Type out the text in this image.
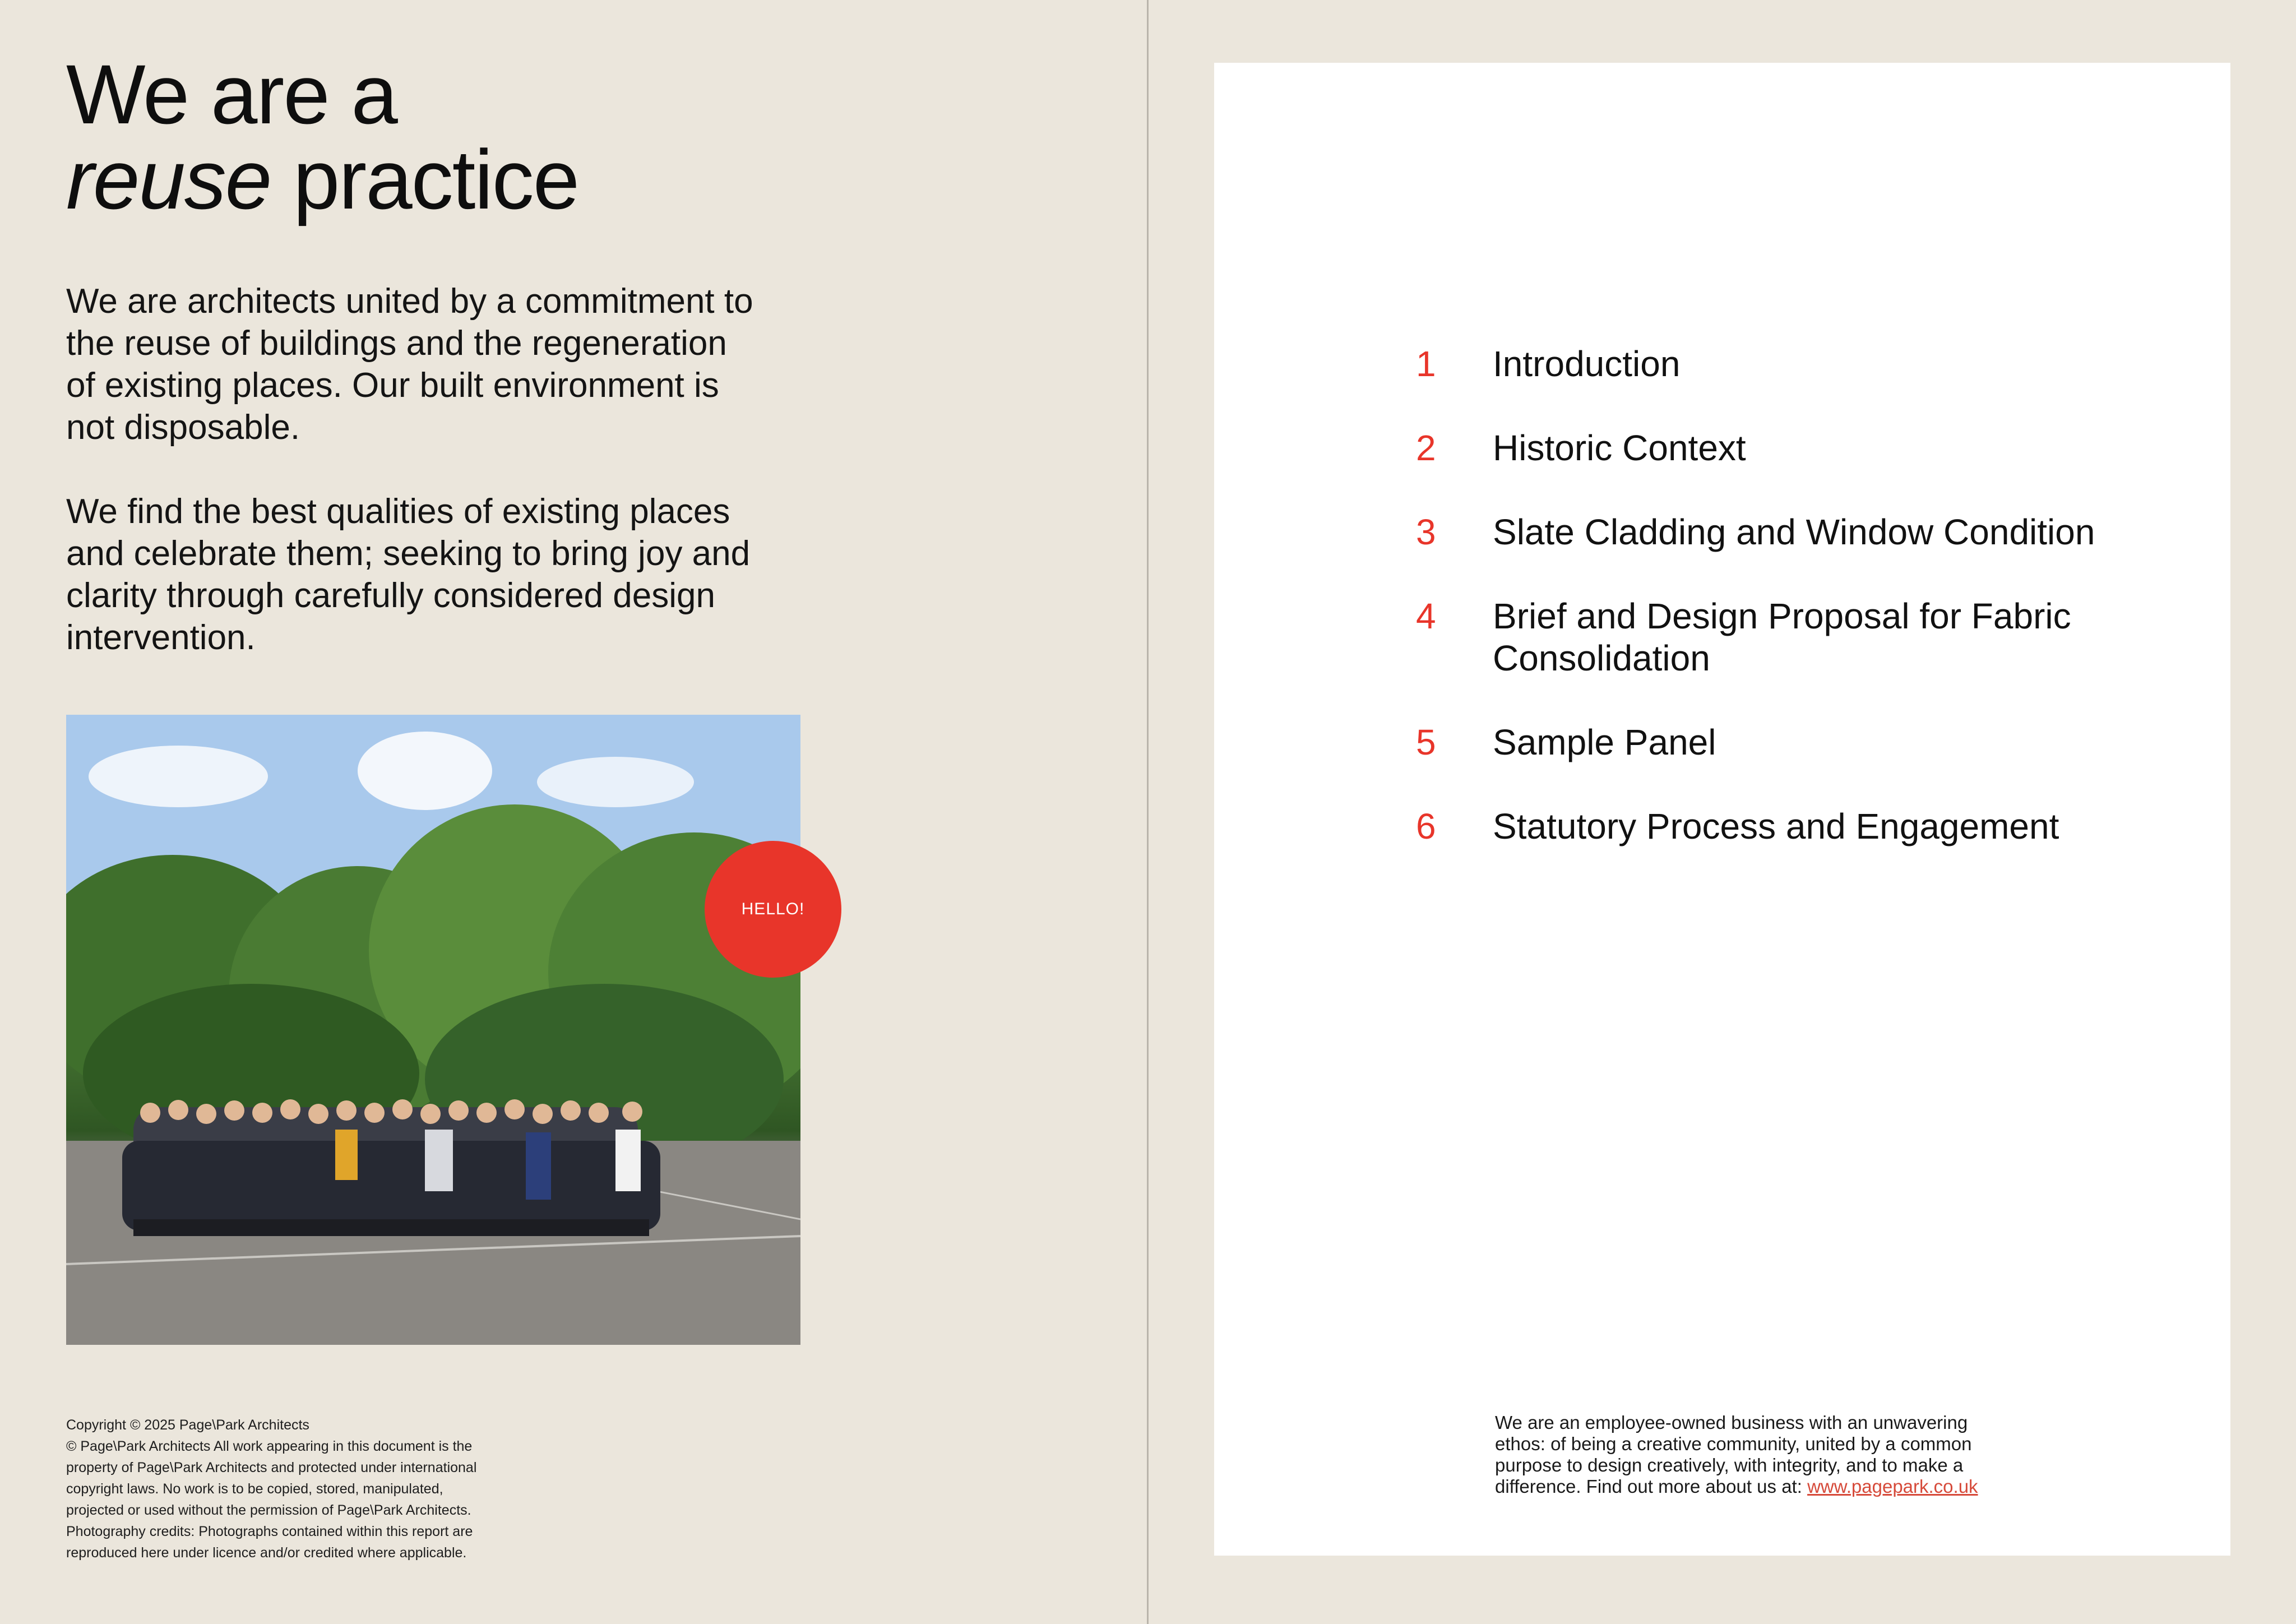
We are a
reuse practice

We are architects united by a commitment to the reuse of buildings and the regeneration of existing places. Our built environment is not disposable.

We find the best qualities of existing places and celebrate them; seeking to bring joy and clarity through carefully considered design intervention.

HELLO!
Copyright © 2025 Page\Park Architects
© Page\Park Architects All work appearing in this document is the
property of Page\Park Architects and protected under international
copyright laws. No work is to be copied, stored, manipulated,
projected or used without the permission of Page\Park Architects.
Photography credits: Photographs contained within this report are
reproduced here under licence and/or credited where applicable.
1	Introduction
2	Historic Context
3	Slate Cladding and Window Condition
4	Brief and Design Proposal for Fabric Consolidation
5	Sample Panel
6	Statutory Process and Engagement
We are an employee-owned business with an unwavering ethos: of being a creative community, united by a common purpose to design creatively, with integrity, and to make a difference. Find out more about us at: www.pagepark.co.uk
